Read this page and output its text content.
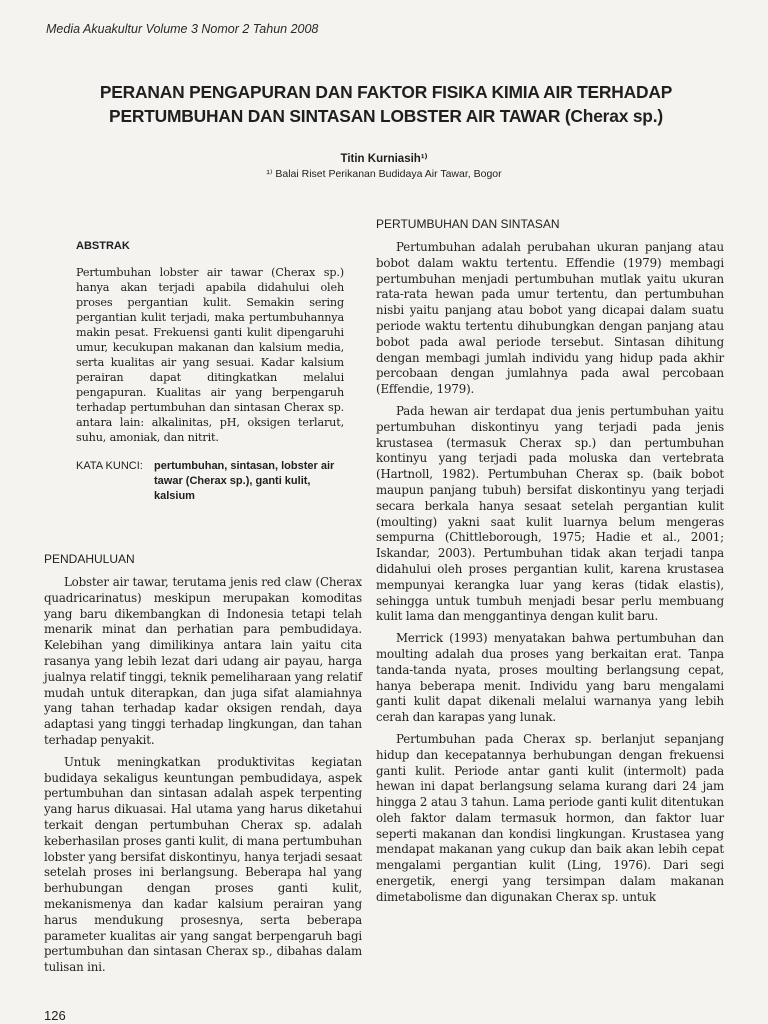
Media Akuakultur Volume 3 Nomor 2 Tahun 2008
PERANAN PENGAPURAN DAN FAKTOR FISIKA KIMIA AIR TERHADAP
PERTUMBUHAN DAN SINTASAN LOBSTER AIR TAWAR (Cherax sp.)
Titin Kurniasih¹⁾
¹⁾ Balai Riset Perikanan Budidaya Air Tawar, Bogor
ABSTRAK

Pertumbuhan lobster air tawar (Cherax sp.) hanya akan terjadi apabila didahului oleh proses pergantian kulit. Semakin sering pergantian kulit terjadi, maka pertumbuhannya makin pesat. Frekuensi ganti kulit dipengaruhi umur, kecukupan makanan dan kalsium media, serta kualitas air yang sesuai. Kadar kalsium perairan dapat ditingkatkan melalui pengapuran. Kualitas air yang berpengaruh terhadap pertumbuhan dan sintasan Cherax sp. antara lain: alkalinitas, pH, oksigen terlarut, suhu, amoniak, dan nitrit.

KATA KUNCI: pertumbuhan, sintasan, lobster air tawar (Cherax sp.), ganti kulit, kalsium
PENDAHULUAN

Lobster air tawar, terutama jenis red claw (Cherax quadricarinatus) meskipun merupakan komoditas yang baru dikembangkan di Indonesia tetapi telah menarik minat dan perhatian para pembudidaya. Kelebihan yang dimilikinya antara lain yaitu cita rasanya yang lebih lezat dari udang air payau, harga jualnya relatif tinggi, teknik pemeliharaan yang relatif mudah untuk diterapkan, dan juga sifat alamiahnya yang tahan terhadap kadar oksigen rendah, daya adaptasi yang tinggi terhadap lingkungan, dan tahan terhadap penyakit.

Untuk meningkatkan produktivitas kegiatan budidaya sekaligus keuntungan pembudidaya, aspek pertumbuhan dan sintasan adalah aspek terpenting yang harus dikuasai. Hal utama yang harus diketahui terkait dengan pertumbuhan Cherax sp. adalah keberhasilan proses ganti kulit, di mana pertumbuhan lobster yang bersifat diskontinyu, hanya terjadi sesaat setelah proses ini berlangsung. Beberapa hal yang berhubungan dengan proses ganti kulit, mekanismenya dan kadar kalsium perairan yang harus mendukung prosesnya, serta beberapa parameter kualitas air yang sangat berpengaruh bagi pertumbuhan dan sintasan Cherax sp., dibahas dalam tulisan ini.

PERTUMBUHAN DAN SINTASAN

Pertumbuhan adalah perubahan ukuran panjang atau bobot dalam waktu tertentu. Effendie (1979) membagi pertumbuhan menjadi pertumbuhan mutlak yaitu ukuran rata-rata hewan pada umur tertentu, dan pertumbuhan nisbi yaitu panjang atau bobot yang dicapai dalam suatu periode waktu tertentu dihubungkan dengan panjang atau bobot pada awal periode tersebut. Sintasan dihitung dengan membagi jumlah individu yang hidup pada akhir percobaan dengan jumlahnya pada awal percobaan (Effendie, 1979).

Pada hewan air terdapat dua jenis pertumbuhan yaitu pertumbuhan diskontinyu yang terjadi pada jenis krustasea (termasuk Cherax sp.) dan pertumbuhan kontinyu yang terjadi pada moluska dan vertebrata (Hartnoll, 1982). Pertumbuhan Cherax sp. (baik bobot maupun panjang tubuh) bersifat diskontinyu yang terjadi secara berkala hanya sesaat setelah pergantian kulit (moulting) yakni saat kulit luarnya belum mengeras sempurna (Chittleborough, 1975; Hadie et al., 2001; Iskandar, 2003). Pertumbuhan tidak akan terjadi tanpa didahului oleh proses pergantian kulit, karena krustasea mempunyai kerangka luar yang keras (tidak elastis), sehingga untuk tumbuh menjadi besar perlu membuang kulit lama dan menggantinya dengan kulit baru.

Merrick (1993) menyatakan bahwa pertumbuhan dan moulting adalah dua proses yang berkaitan erat. Tanpa tanda-tanda nyata, proses moulting berlangsung cepat, hanya beberapa menit. Individu yang baru mengalami ganti kulit dapat dikenali melalui warnanya yang lebih cerah dan karapas yang lunak.

Pertumbuhan pada Cherax sp. berlanjut sepanjang hidup dan kecepatannya berhubungan dengan frekuensi ganti kulit. Periode antar ganti kulit (intermolt) pada hewan ini dapat berlangsung selama kurang dari 24 jam hingga 2 atau 3 tahun. Lama periode ganti kulit ditentukan oleh faktor dalam termasuk hormon, dan faktor luar seperti makanan dan kondisi lingkungan. Krustasea yang mendapat makanan yang cukup dan baik akan lebih cepat mengalami pergantian kulit (Ling, 1976). Dari segi energetik, energi yang tersimpan dalam makanan dimetabolisme dan digunakan Cherax sp. untuk

126
